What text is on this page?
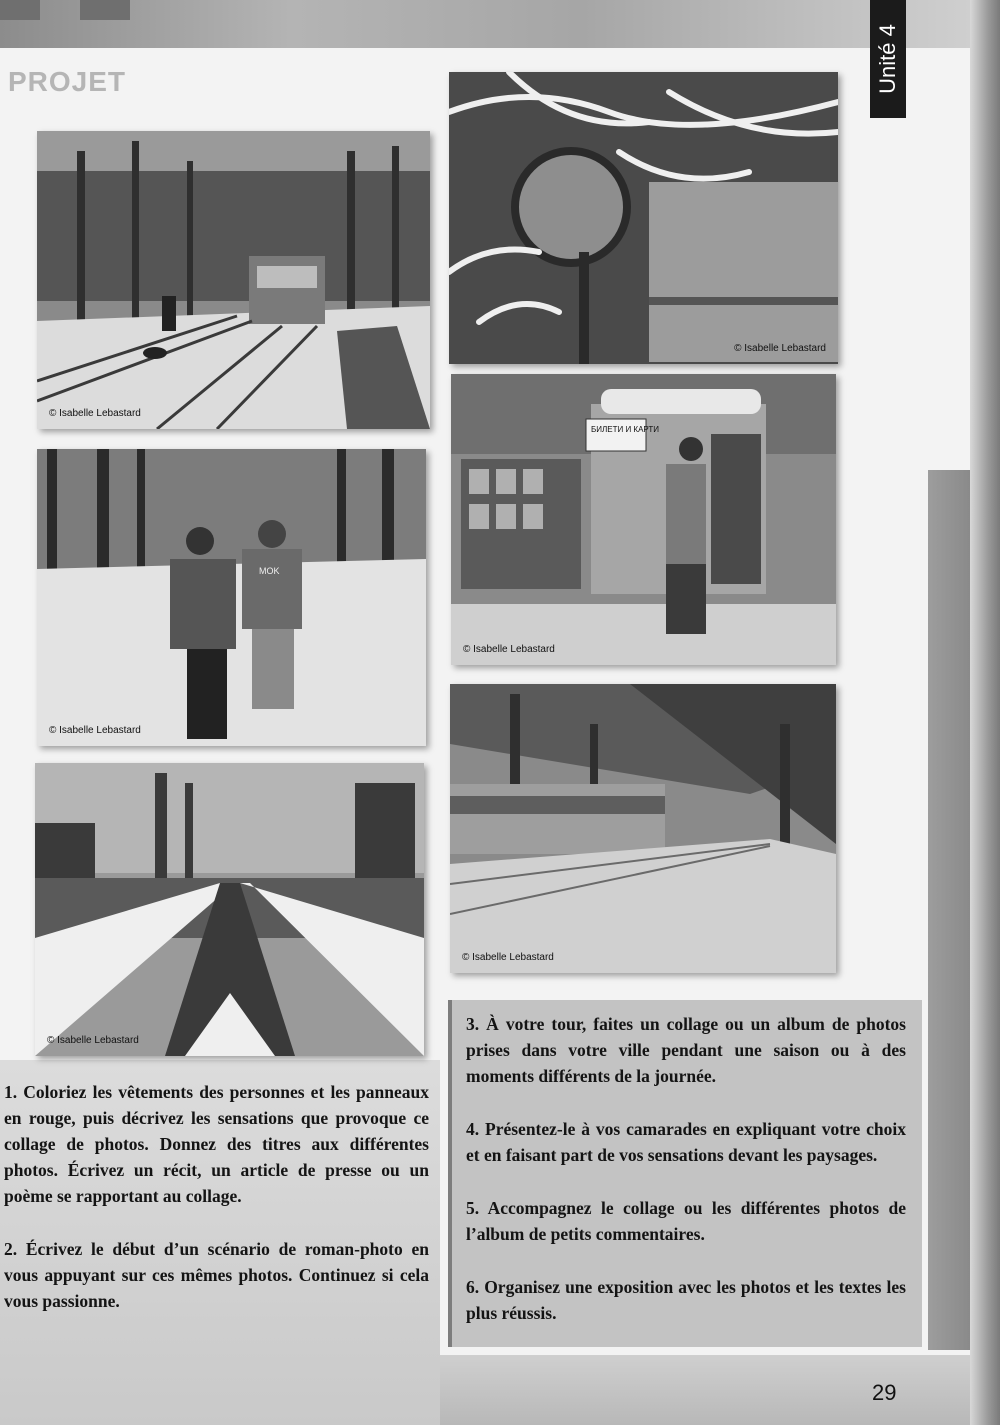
Unité 4
PROJET
© Isabelle Lebastard
© Isabelle Lebastard
MOK
© Isabelle Lebastard
БИЛЕТИ И КАРТИ
© Isabelle Lebastard
© Isabelle Lebastard
© Isabelle Lebastard

1. Coloriez les vêtements des personnes et les panneaux en rouge, puis décrivez les sensations que provoque ce collage de photos. Donnez des titres aux différentes photos. Écrivez un récit, un article de presse ou un poème se rapportant au collage.

2. Écrivez le début d’un scénario de roman-photo en vous appuyant sur ces mêmes photos. Continuez si cela vous passionne.

3. À votre tour, faites un collage ou un album de photos prises dans votre ville pendant une saison ou à des moments différents de la journée.

4. Présentez-le à vos camarades en expliquant votre choix et en faisant part de vos sensations devant les paysages.

5. Accompagnez le collage ou les différentes photos de l’album de petits commentaires.

6. Organisez une exposition avec les photos et les textes les plus réussis.

29
